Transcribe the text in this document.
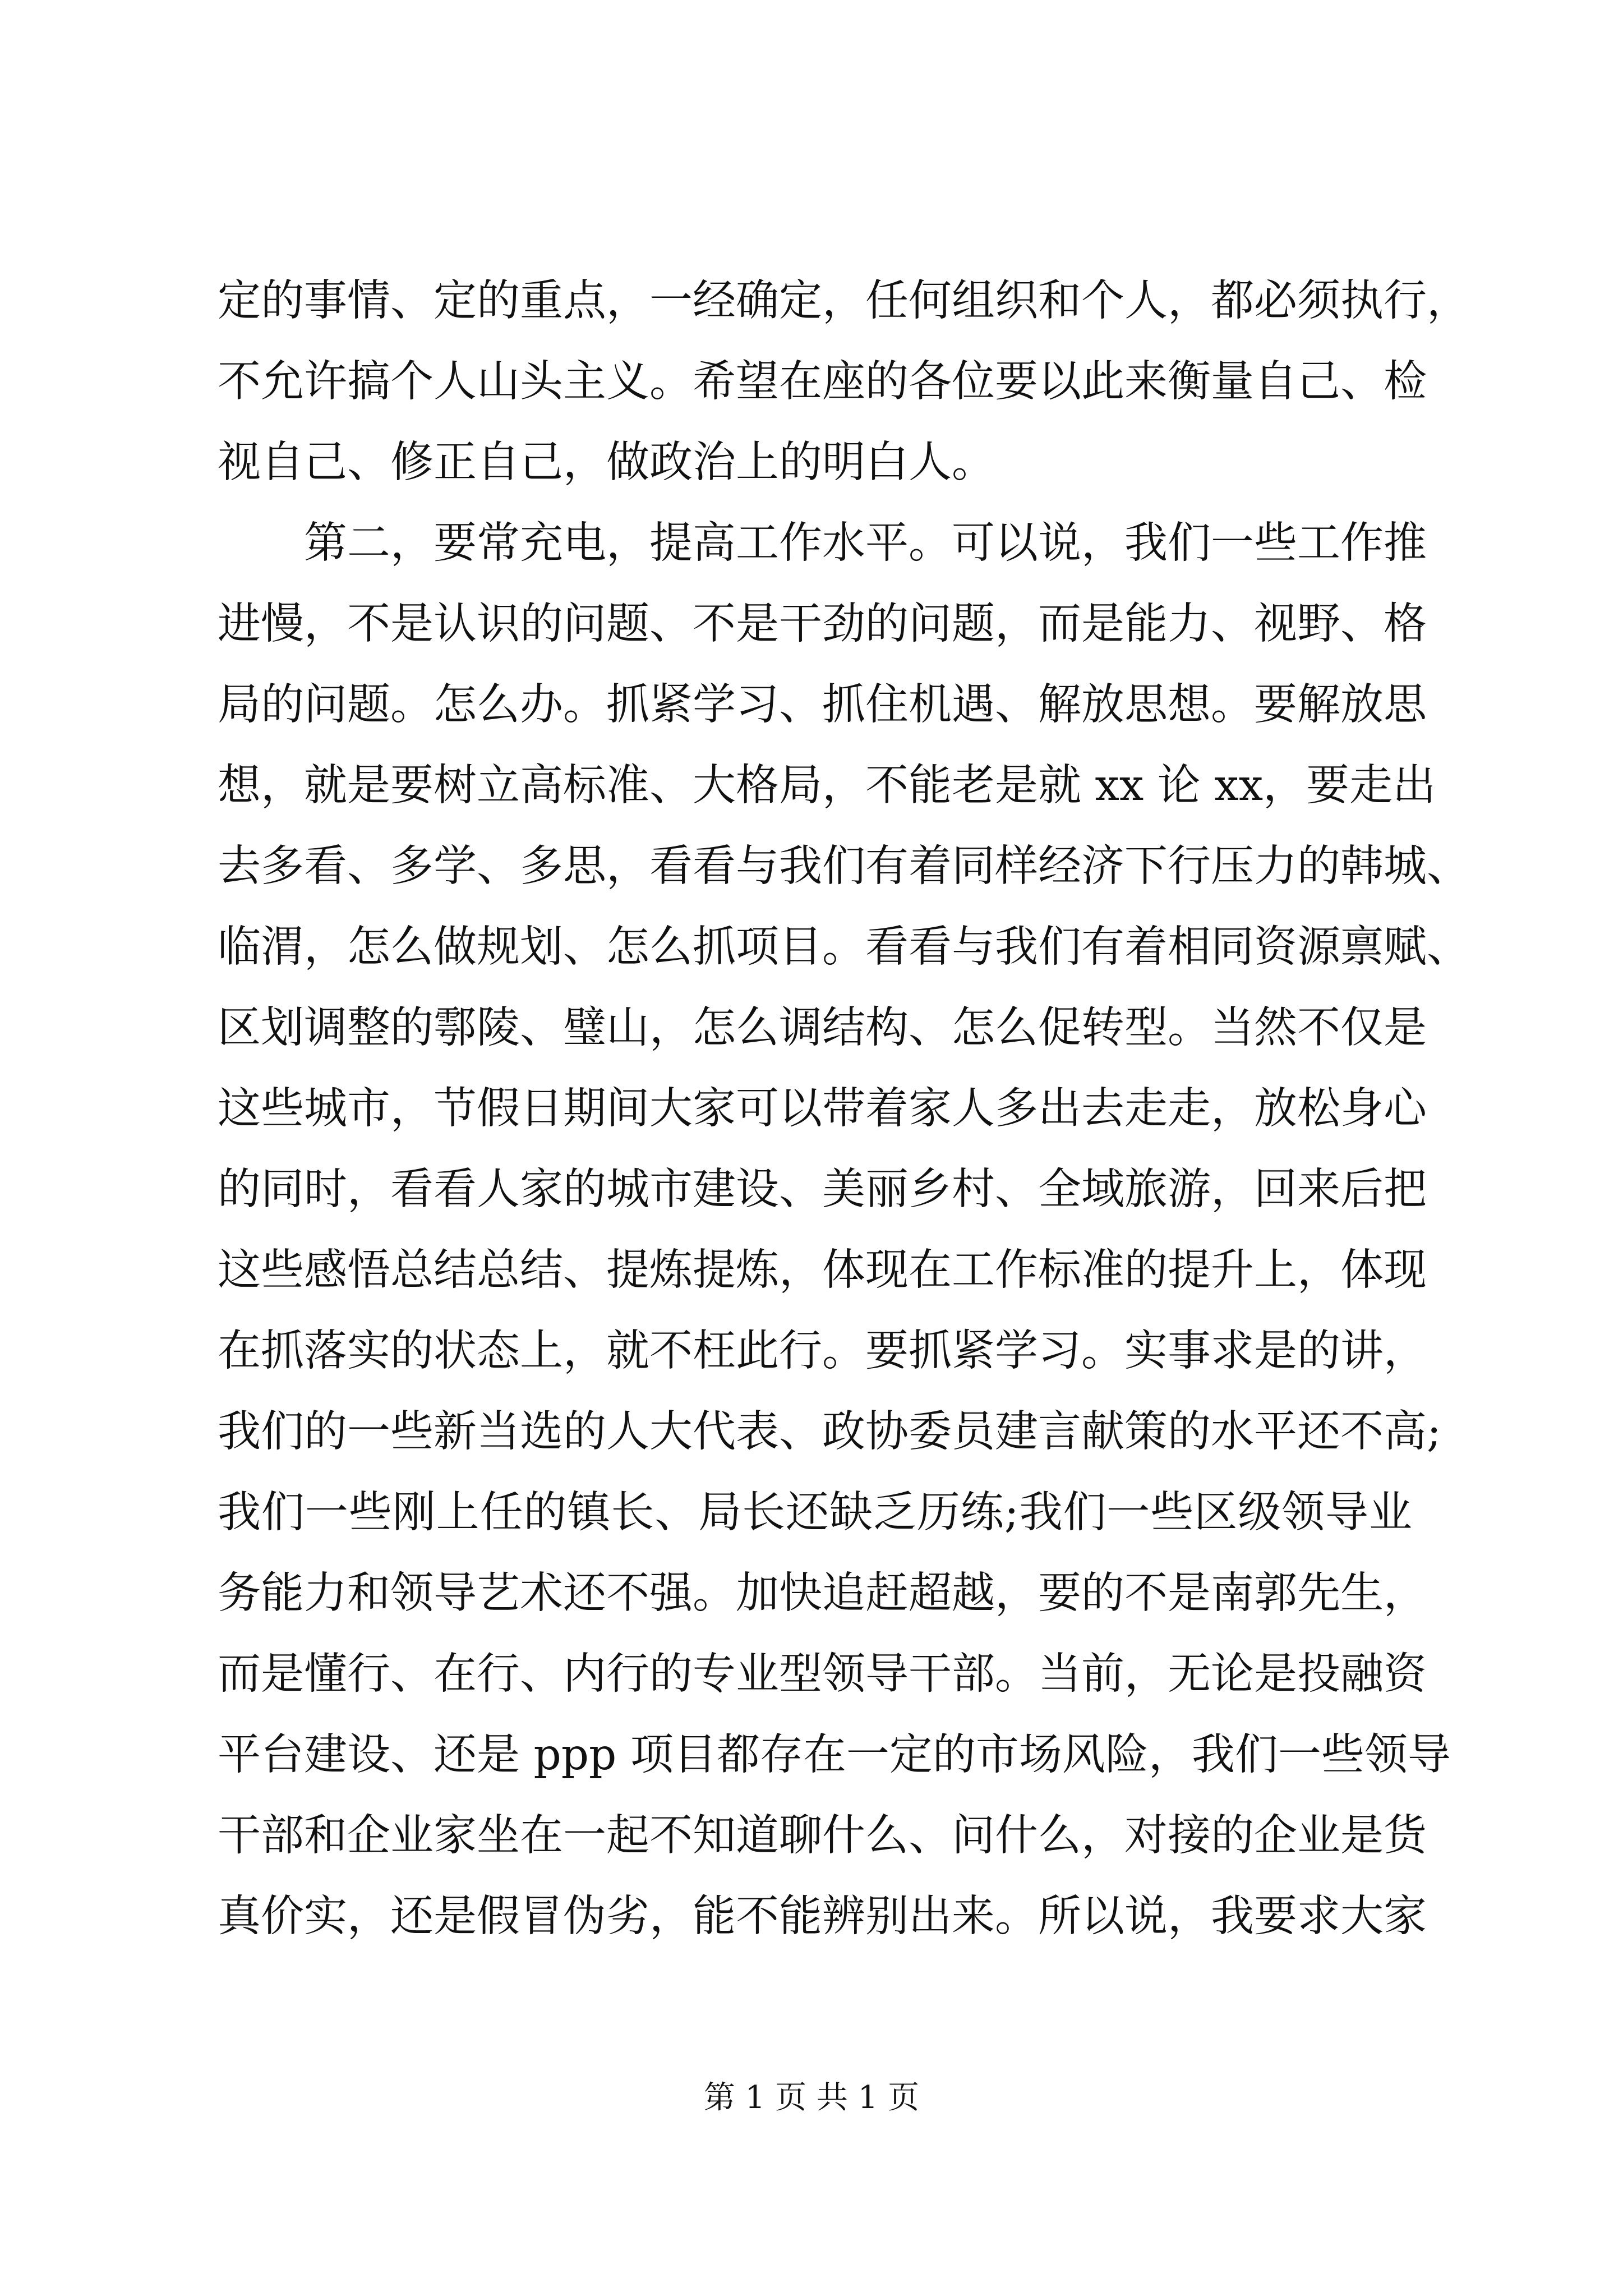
定的事情、定的重点，一经确定，任何组织和个人，都必须执行，
不允许搞个人山头主义。希望在座的各位要以此来衡量自己、检
视自己、修正自己，做政治上的明白人。
第二，要常充电，提高工作水平。可以说，我们一些工作推
进慢，不是认识的问题、不是干劲的问题，而是能力、视野、格
局的问题。怎么办。抓紧学习、抓住机遇、解放思想。要解放思
想，就是要树立高标准、大格局，不能老是就 xx 论 xx，要走出
去多看、多学、多思，看看与我们有着同样经济下行压力的韩城、
临渭，怎么做规划、怎么抓项目。看看与我们有着相同资源禀赋、
区划调整的鄠陵、璧山，怎么调结构、怎么促转型。当然不仅是
这些城市，节假日期间大家可以带着家人多出去走走，放松身心
的同时，看看人家的城市建设、美丽乡村、全域旅游，回来后把
这些感悟总结总结、提炼提炼，体现在工作标准的提升上，体现
在抓落实的状态上，就不枉此行。要抓紧学习。实事求是的讲，
我们的一些新当选的人大代表、政协委员建言献策的水平还不高;
我们一些刚上任的镇长、局长还缺乏历练;我们一些区级领导业
务能力和领导艺术还不强。加快追赶超越，要的不是南郭先生，
而是懂行、在行、内行的专业型领导干部。当前，无论是投融资
平台建设、还是 ppp 项目都存在一定的市场风险，我们一些领导
干部和企业家坐在一起不知道聊什么、问什么，对接的企业是货
真价实，还是假冒伪劣，能不能辨别出来。所以说，我要求大家
第 1 页 共 1 页
